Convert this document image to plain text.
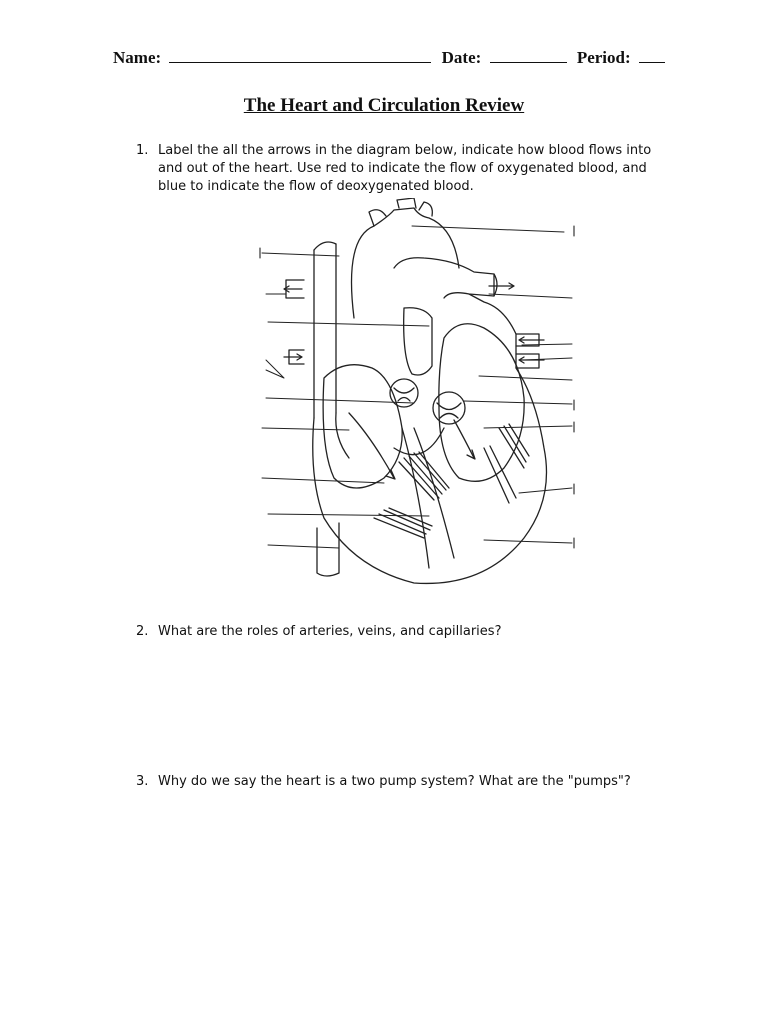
Name:	Date:	Period:
The Heart and Circulation Review
1. Label the all the arrows in the diagram below, indicate how blood flows into and out of the heart. Use red to indicate the flow of oxygenated blood, and blue to indicate the flow of deoxygenated blood.
2. What are the roles of arteries, veins, and capillaries?
3. Why do we say the heart is a two pump system? What are the "pumps"?
